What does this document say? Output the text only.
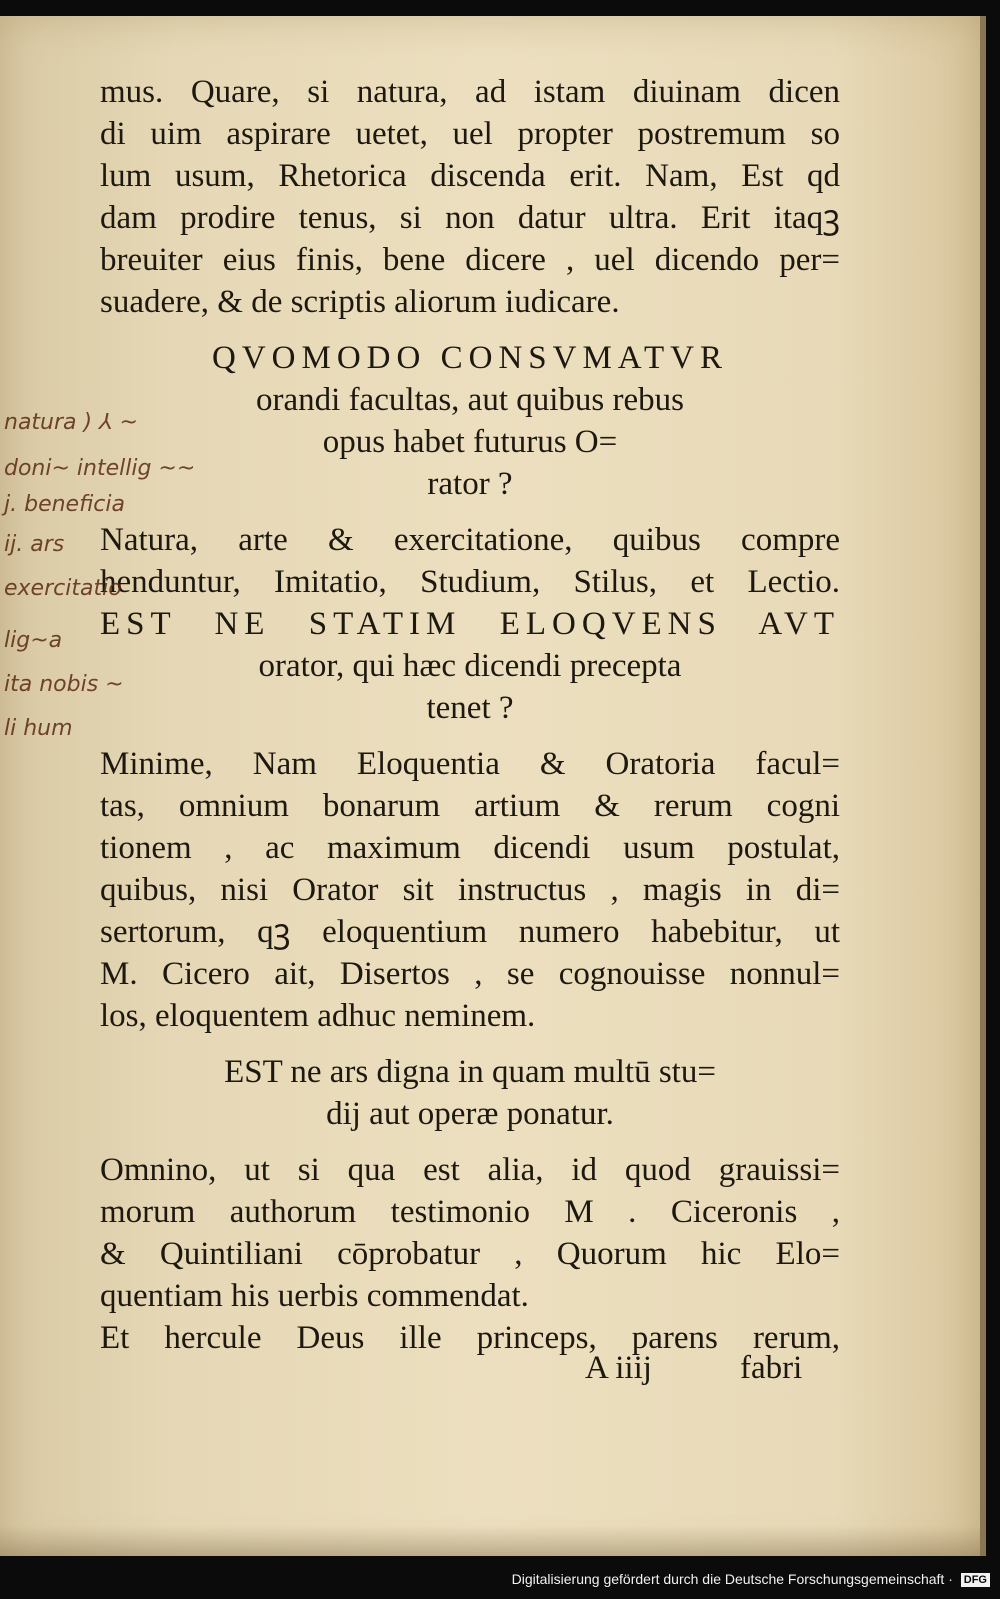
mus. Quare, si natura, ad istam diuinam dicen
di uim aspirare uetet, uel propter postremum so
lum usum, Rhetorica discenda erit. Nam, Est qd
dam prodire tenus, si non datur ultra. Erit itaqꝫ
breuiter eius finis, bene dicere , uel dicendo per=
suadere, & de scriptis aliorum iudicare.
QVOMODO CONSVMATVR
orandi facultas, aut quibus rebus
opus habet futurus O=
rator ?
Natura, arte & exercitatione, quibus compre
henduntur, Imitatio, Studium, Stilus, et Lectio.
EST NE STATIM ELOQVENS AVT
orator, qui hæc dicendi precepta
tenet ?
Minime, Nam Eloquentia & Oratoria facul=
tas, omnium bonarum artium & rerum cogni
tionem , ac maximum dicendi usum postulat,
quibus, nisi Orator sit instructus , magis in di=
sertorum, qꝫ eloquentium numero habebitur, ut
M. Cicero ait, Disertos , se cognouisse nonnul=
los, eloquentem adhuc neminem.
EST ne ars digna in quam multū stu=
dij aut operæ ponatur.
Omnino, ut si qua est alia, id quod grauissi=
morum authorum testimonio M . Ciceronis ,
& Quintiliani cōprobatur , Quorum hic Elo=
quentiam his uerbis commendat.
Et hercule Deus ille princeps, parens rerum,
natura ) ⅄ ~
doni~ intellig ~~
j. beneficia
ij. ars
exercitatio
lig~a
ita nobis ~
li hum
A iiij	fabri
Digitalisierung gefördert durch die Deutsche Forschungsgemeinschaft · DFG
